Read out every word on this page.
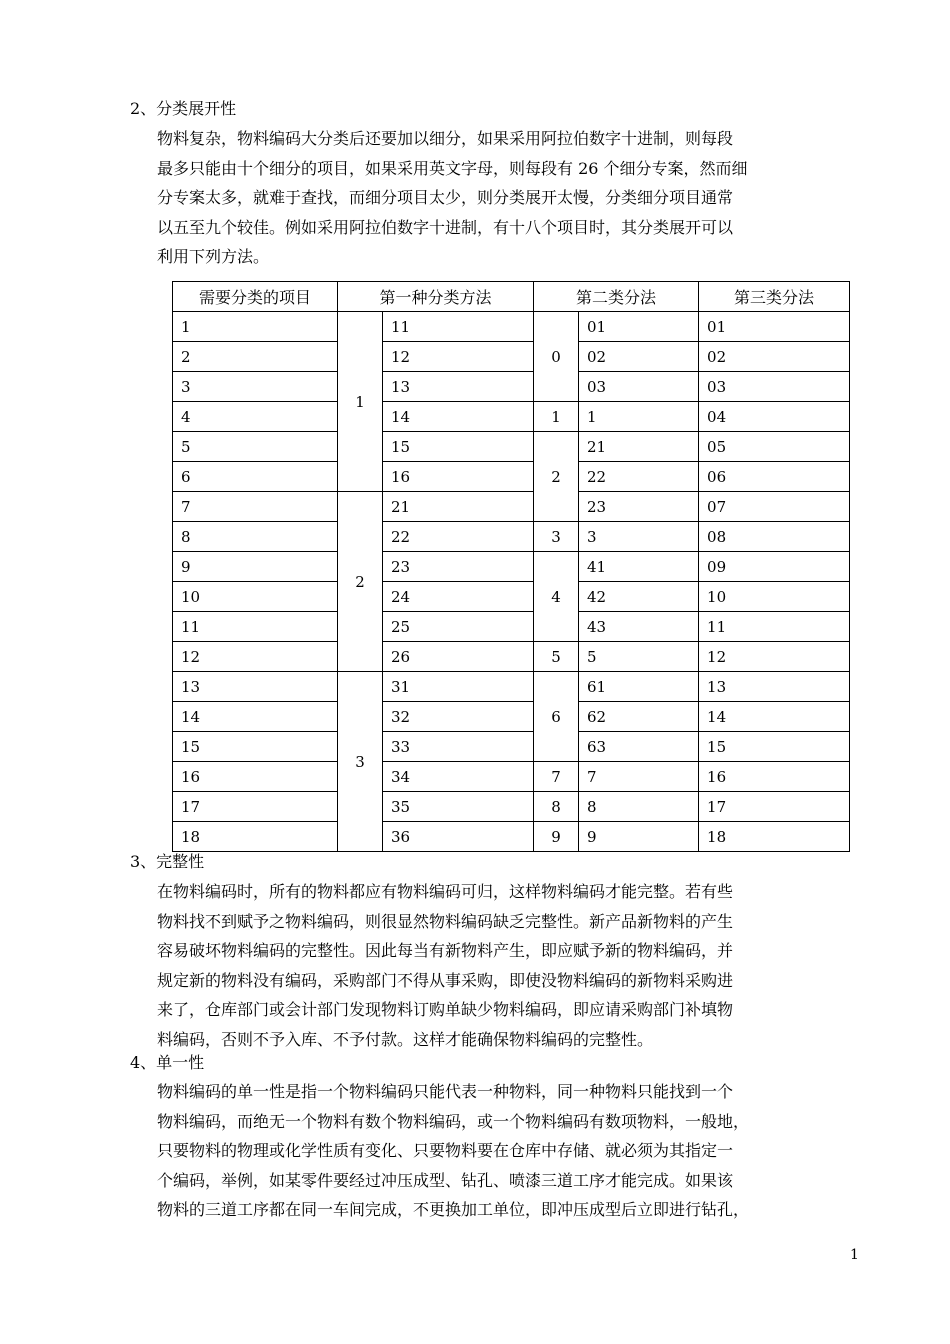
2、分类展开性
物料复杂，物料编码大分类后还要加以细分，如果采用阿拉伯数字十进制，则每段
最多只能由十个细分的项目，如果采用英文字母，则每段有 26 个细分专案，然而细
分专案太多，就难于查找，而细分项目太少，则分类展开太慢，分类细分项目通常
以五至九个较佳。例如采用阿拉伯数字十进制，有十八个项目时，其分类展开可以
利用下列方法。
需要分类的项目	第一种分类方法		第二类分法		第三类分法
1	1	11	0	01	01
2		12		02	02
3		13		03	03
4		14	1	1	04
5		15	2	21	05
6		16		22	06
7	2	21		23	07
8		22	3	3	08
9		23	4	41	09
10		24		42	10
11		25		43	11
12		26	5	5	12
13	3	31	6	61	13
14		32		62	14
15		33		63	15
16		34	7	7	16
17		35	8	8	17
18		36	9	9	18
3、完整性
在物料编码时，所有的物料都应有物料编码可归，这样物料编码才能完整。若有些
物料找不到赋予之物料编码，则很显然物料编码缺乏完整性。新产品新物料的产生
容易破坏物料编码的完整性。因此每当有新物料产生，即应赋予新的物料编码，并
规定新的物料没有编码，采购部门不得从事采购，即使没物料编码的新物料采购进
来了，仓库部门或会计部门发现物料订购单缺少物料编码，即应请采购部门补填物
料编码，否则不予入库、不予付款。这样才能确保物料编码的完整性。
4、单一性
物料编码的单一性是指一个物料编码只能代表一种物料，同一种物料只能找到一个
物料编码，而绝无一个物料有数个物料编码，或一个物料编码有数项物料，一般地，
只要物料的物理或化学性质有变化、只要物料要在仓库中存储、就必须为其指定一
个编码，举例，如某零件要经过冲压成型、钻孔、喷漆三道工序才能完成。如果该
物料的三道工序都在同一车间完成，不更换加工单位，即冲压成型后立即进行钻孔，
1
